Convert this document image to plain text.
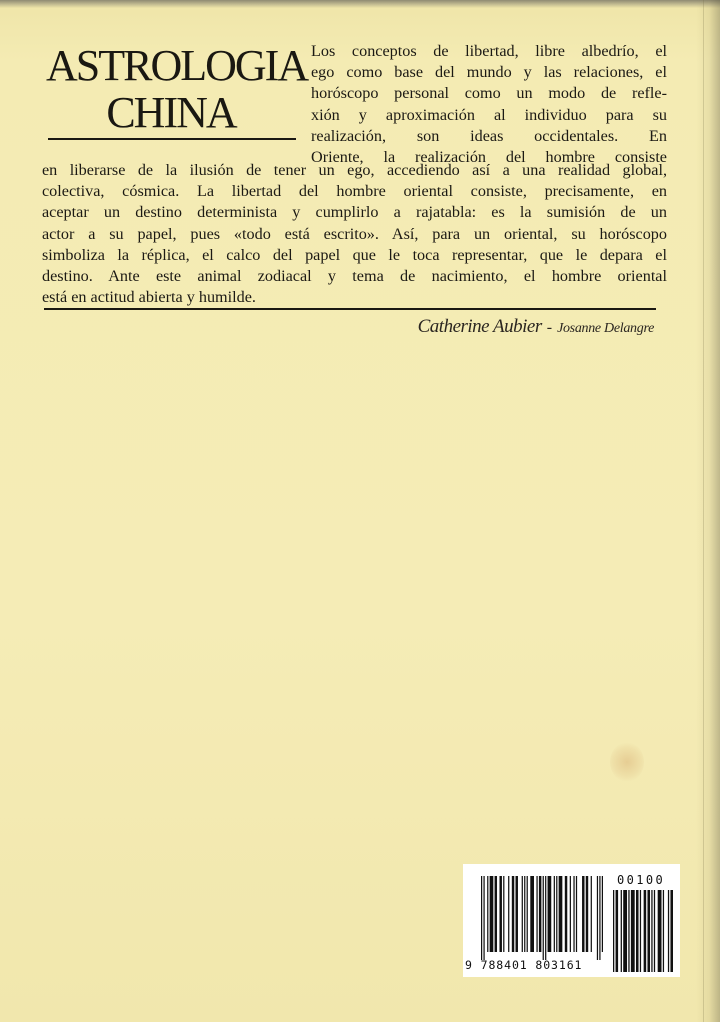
ASTROLOGIA
CHINA

Los conceptos de libertad, libre albedrío, el
ego como base del mundo y las relaciones, el
horóscopo personal como un modo de refle-
xión y aproximación al individuo para su
realización, son ideas occidentales. En
Oriente, la realización del hombre consiste

en liberarse de la ilusión de tener un ego, accediendo así a una realidad global,
colectiva, cósmica. La libertad del hombre oriental consiste, precisamente, en
aceptar un destino determinista y cumplirlo a rajatabla: es la sumisión de un
actor a su papel, pues «todo está escrito». Así, para un oriental, su horóscopo
simboliza la réplica, el calco del papel que le toca representar, que le depara el
destino. Ante este animal zodiacal y tema de nacimiento, el hombre oriental
está en actitud abierta y humilde.

Catherine Aubier - Josanne Delangre
9 788401 803161
00100
